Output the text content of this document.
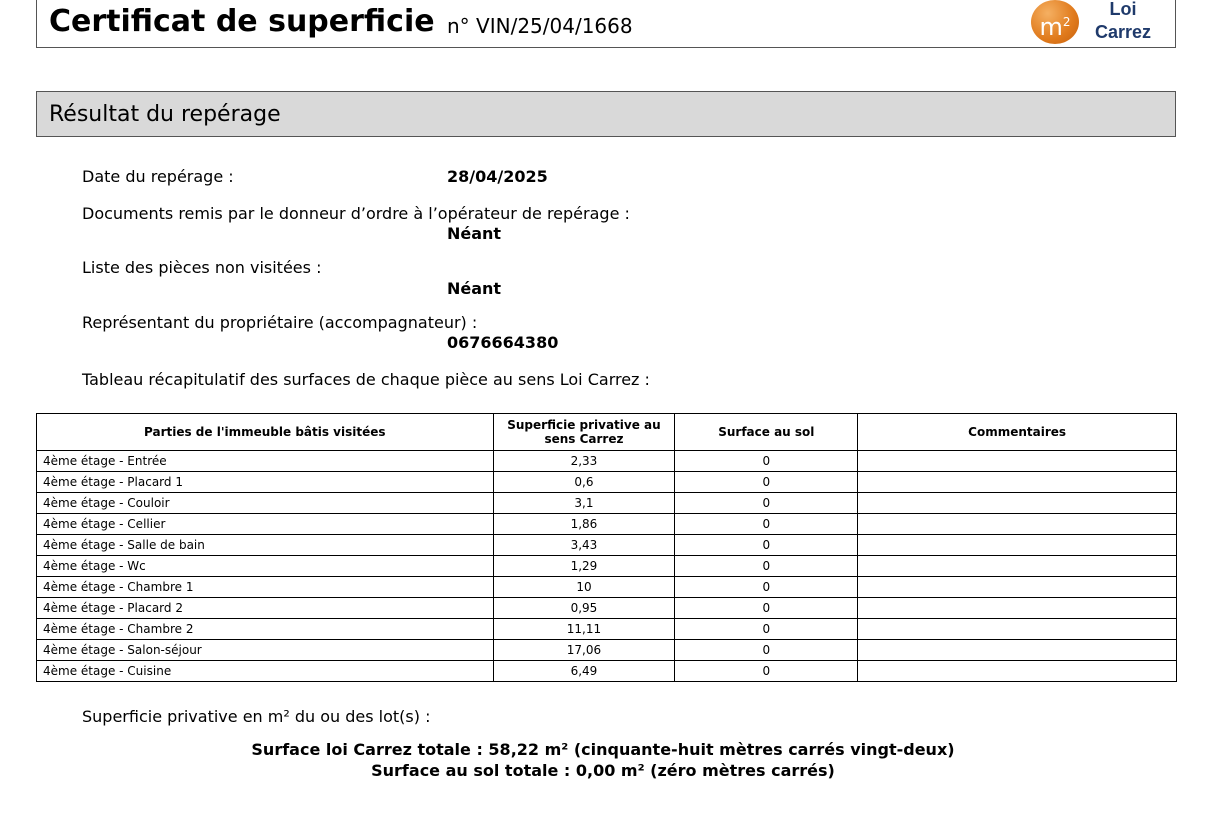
Certificat de superficie n° VIN/25/04/1668	$m^2$
Loi
Carrez
Résultat du repérage
Date du repérage :	28/04/2025
Documents remis par le donneur d’ordre à l’opérateur de repérage :
Néant
Liste des pièces non visitées :
Néant
Représentant du propriétaire (accompagnateur) :
0676664380
Tableau récapitulatif des surfaces de chaque pièce au sens Loi Carrez :
Parties de l'immeuble bâtis visitées	Superficie privative au sens Carrez	Surface au sol	Commentaires
4ème étage - Entrée	2,33	0	
4ème étage - Placard 1	0,6	0	
4ème étage - Couloir	3,1	0	
4ème étage - Cellier	1,86	0	
4ème étage - Salle de bain	3,43	0	
4ème étage - Wc	1,29	0	
4ème étage - Chambre 1	10	0	
4ème étage - Placard 2	0,95	0	
4ème étage - Chambre 2	11,11	0	
4ème étage - Salon-séjour	17,06	0	
4ème étage - Cuisine	6,49	0	
Superficie privative en m² du ou des lot(s) :
Surface loi Carrez totale : 58,22 m² (cinquante-huit mètres carrés vingt-deux)
Surface au sol totale : 0,00 m² (zéro mètres carrés)
